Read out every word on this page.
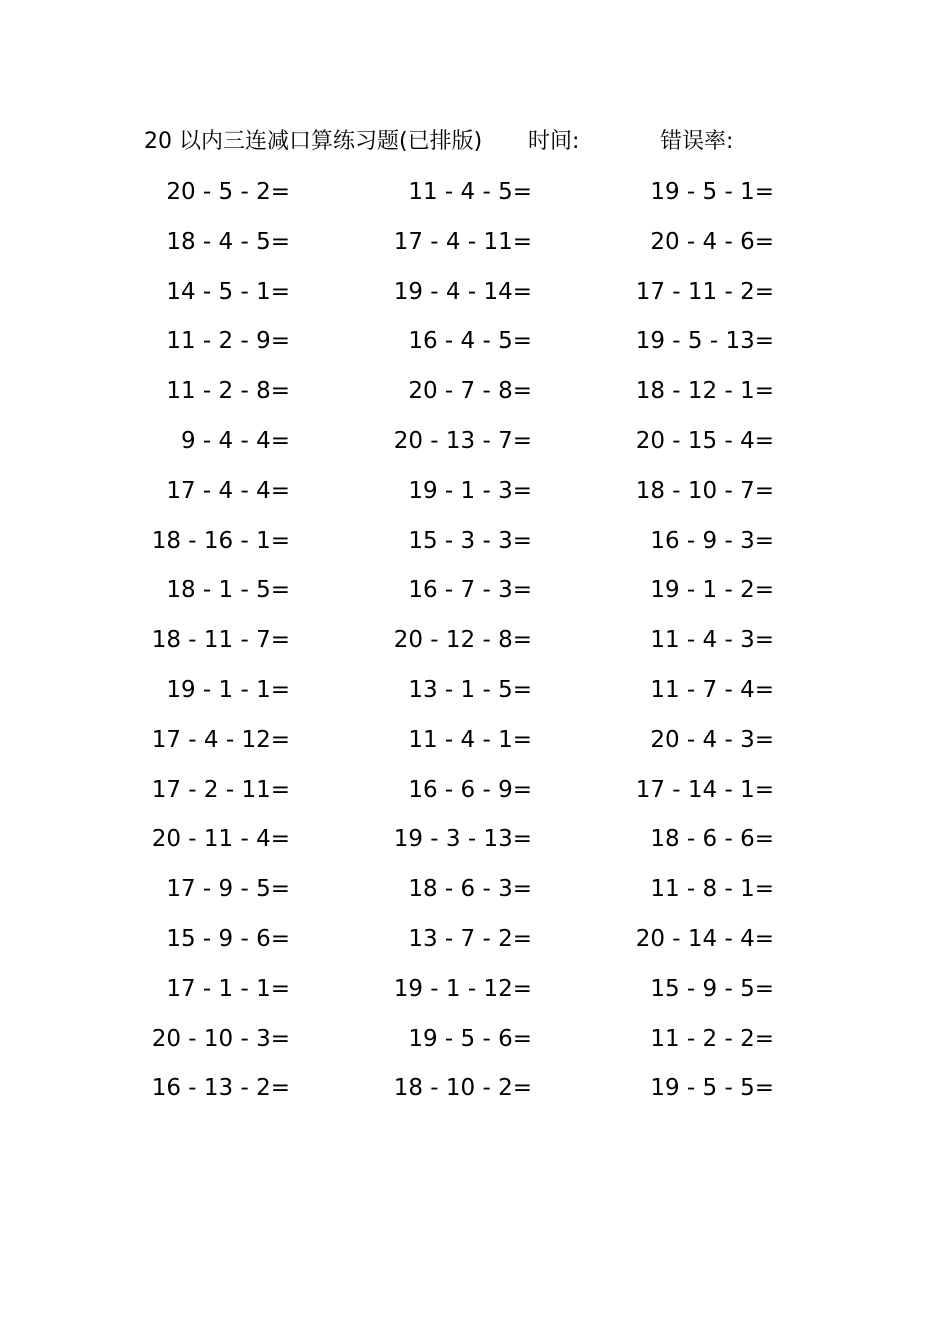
20 以内三连减口算练习题(已排版) 时间:	错误率:
20 - 5 - 2=	11 - 4 - 5=	19 - 5 - 1=
18 - 4 - 5=	17 - 4 - 11=	20 - 4 - 6=
14 - 5 - 1=	19 - 4 - 14=	17 - 11 - 2=
11 - 2 - 9=	16 - 4 - 5=	19 - 5 - 13=
11 - 2 - 8=	20 - 7 - 8=	18 - 12 - 1=
9 - 4 - 4=	20 - 13 - 7=	20 - 15 - 4=
17 - 4 - 4=	19 - 1 - 3=	18 - 10 - 7=
18 - 16 - 1=	15 - 3 - 3=	16 - 9 - 3=
18 - 1 - 5=	16 - 7 - 3=	19 - 1 - 2=
18 - 11 - 7=	20 - 12 - 8=	11 - 4 - 3=
19 - 1 - 1=	13 - 1 - 5=	11 - 7 - 4=
17 - 4 - 12=	11 - 4 - 1=	20 - 4 - 3=
17 - 2 - 11=	16 - 6 - 9=	17 - 14 - 1=
20 - 11 - 4=	19 - 3 - 13=	18 - 6 - 6=
17 - 9 - 5=	18 - 6 - 3=	11 - 8 - 1=
15 - 9 - 6=	13 - 7 - 2=	20 - 14 - 4=
17 - 1 - 1=	19 - 1 - 12=	15 - 9 - 5=
20 - 10 - 3=	19 - 5 - 6=	11 - 2 - 2=
16 - 13 - 2=	18 - 10 - 2=	19 - 5 - 5=
